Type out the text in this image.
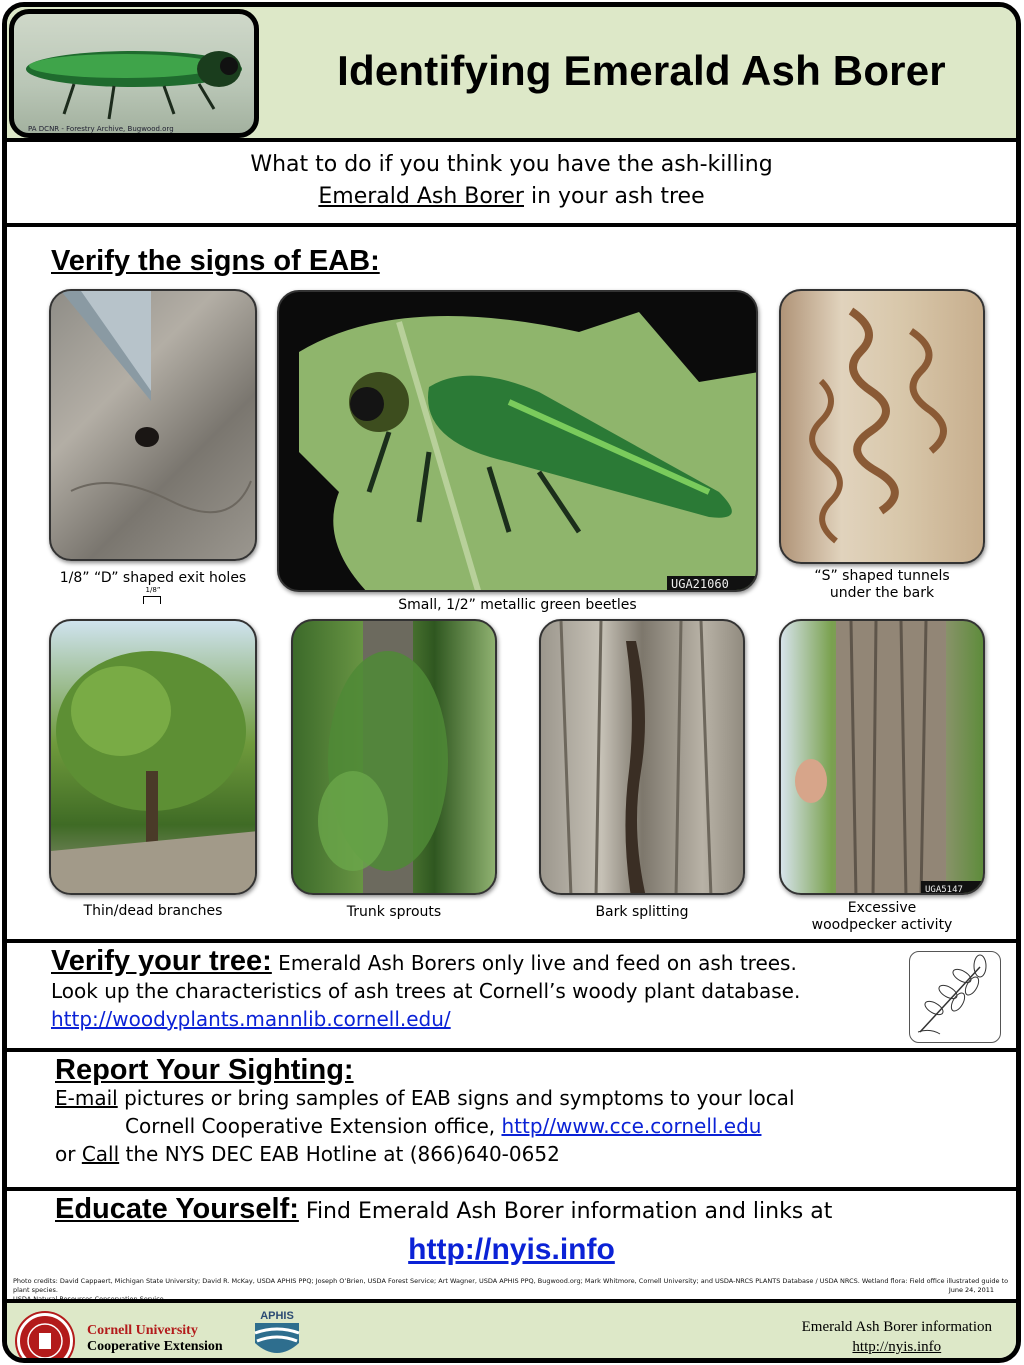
PA DCNR - Forestry Archive, Bugwood.org
Identifying Emerald Ash Borer
What to do if you think you have the ash-killing
Emerald Ash Borer in your ash tree
Verify the signs of EAB:
1/8” “D” shaped exit holes
1/8”	UGA21060
Small, 1/2” metallic green beetles
“S” shaped tunnels
under the bark
Thin/dead branches	Trunk sprouts	Bark splitting
UGA5147
Excessive
woodpecker activity
Verify your tree: Emerald Ash Borers only live and feed on ash trees.
Look up the characteristics of ash trees at Cornell’s woody plant database.
http://woodyplants.mannlib.cornell.edu/
Report Your Sighting:
E-mail pictures or bring samples of EAB signs and symptoms to your local
Cornell Cooperative Extension office, http//www.cce.cornell.edu
or Call the NYS DEC EAB Hotline at (866)640-0652
Educate Yourself: Find Emerald Ash Borer information and links at
http://nyis.info
Photo credits: David Cappaert, Michigan State University; David R. McKay, USDA APHIS PPQ; Joseph O’Brien, USDA Forest Service; Art Wagner, USDA APHIS PPQ, Bugwood.org; Mark Whitmore, Cornell University; and USDA-NRCS PLANTS Database / USDA NRCS. Wetland flora: Field office illustrated guide to plant species.	June 24, 2011
Cornell University
Cooperative Extension
APHIS
Emerald Ash Borer information
http://nyis.info
